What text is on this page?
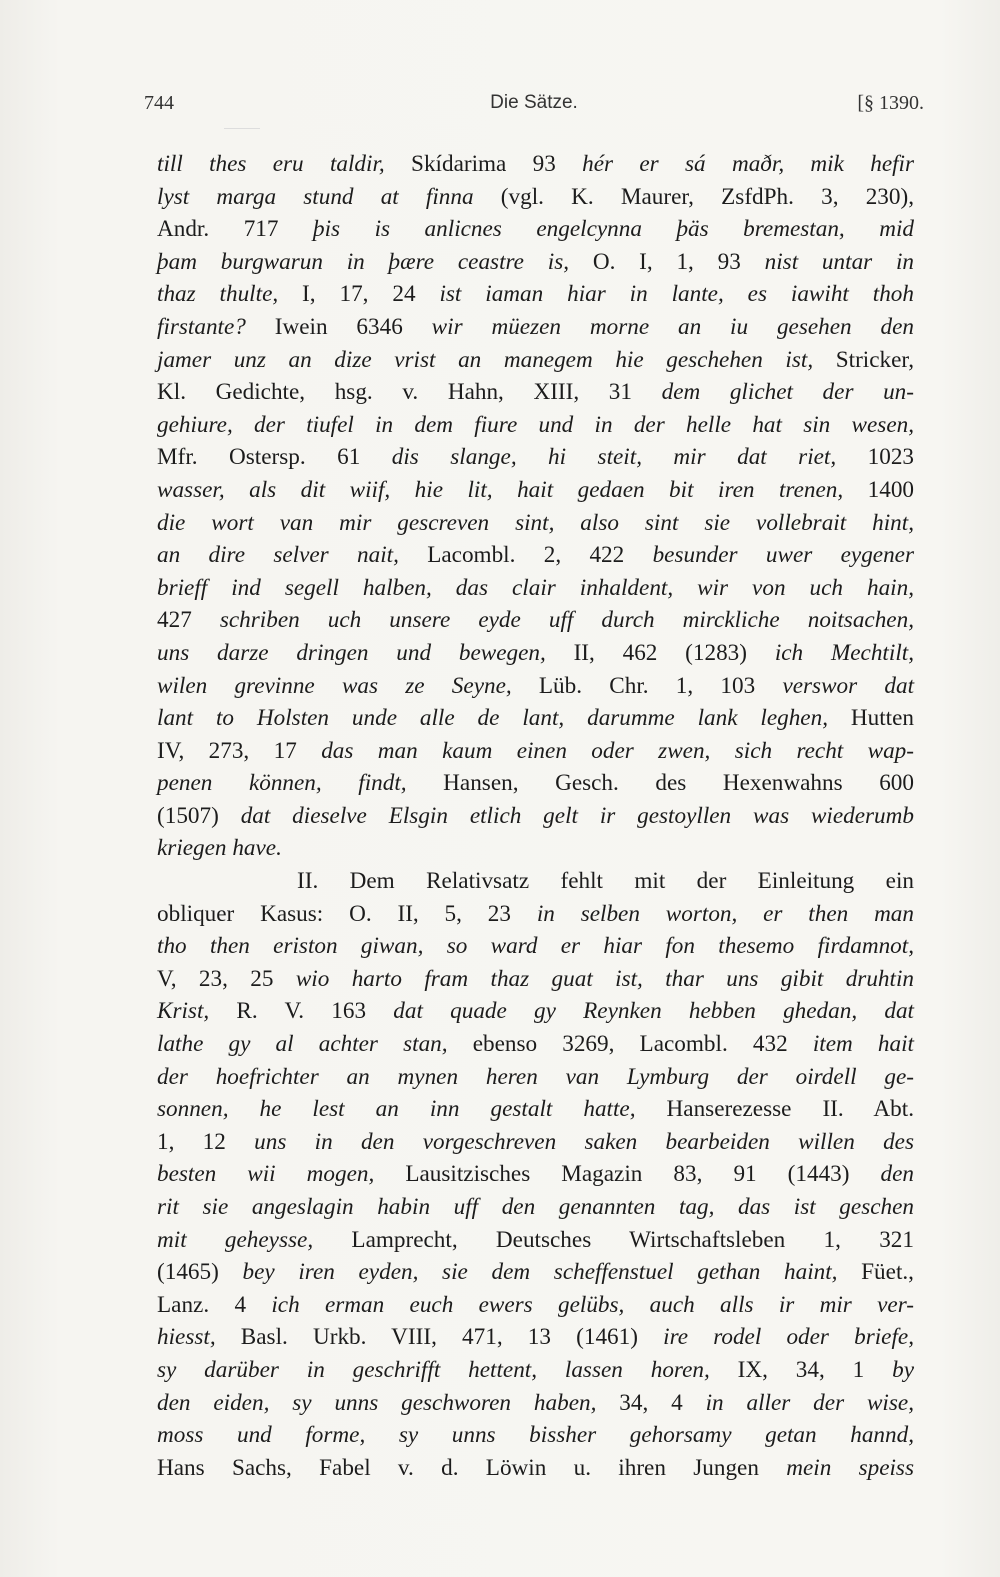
744	Die Sätze.	[§ 1390.
till thes eru taldir, Skídarima 93 hér er sá maðr, mik hefir
lyst marga stund at finna (vgl. K. Maurer, ZsfdPh. 3, 230),
Andr. 717 þis is anlicnes engelcynna þäs bremestan, mid
þam burgwarun in þære ceastre is, O. I, 1, 93 nist untar in
thaz thulte, I, 17, 24 ist iaman hiar in lante, es iawiht thoh
firstante? Iwein 6346 wir müezen morne an iu gesehen den
jamer unz an dize vrist an manegem hie geschehen ist, Stricker,
Kl. Gedichte, hsg. v. Hahn, XIII, 31 dem glichet der un-
gehiure, der tiufel in dem fiure und in der helle hat sin wesen,
Mfr. Ostersp. 61 dis slange, hi steit, mir dat riet, 1023
wasser, als dit wiif, hie lit, hait gedaen bit iren trenen, 1400
die wort van mir gescreven sint, also sint sie vollebrait hint,
an dire selver nait, Lacombl. 2, 422 besunder uwer eygener
brieff ind segell halben, das clair inhaldent, wir von uch hain,
427 schriben uch unsere eyde uff durch mirckliche noitsachen,
uns darze dringen und bewegen, II, 462 (1283) ich Mechtilt,
wilen grevinne was ze Seyne, Lüb. Chr. 1, 103 verswor dat
lant to Holsten unde alle de lant, darumme lank leghen, Hutten
IV, 273, 17 das man kaum einen oder zwen, sich recht wap-
penen können, findt, Hansen, Gesch. des Hexenwahns 600
(1507) dat dieselve Elsgin etlich gelt ir gestoyllen was wiederumb
kriegen have.
II. Dem Relativsatz fehlt mit der Einleitung ein
obliquer Kasus: O. II, 5, 23 in selben worton, er then man
tho then eriston giwan, so ward er hiar fon thesemo firdamnot,
V, 23, 25 wio harto fram thaz guat ist, thar uns gibit druhtin
Krist, R. V. 163 dat quade gy Reynken hebben ghedan, dat
lathe gy al achter stan, ebenso 3269, Lacombl. 432 item hait
der hoefrichter an mynen heren van Lymburg der oirdell ge-
sonnen, he lest an inn gestalt hatte, Hanserezesse II. Abt.
1, 12 uns in den vorgeschreven saken bearbeiden willen des
besten wii mogen, Lausitzisches Magazin 83, 91 (1443) den
rit sie angeslagin habin uff den genannten tag, das ist geschen
mit geheysse, Lamprecht, Deutsches Wirtschaftsleben 1, 321
(1465) bey iren eyden, sie dem scheffenstuel gethan haint, Füet.,
Lanz. 4 ich erman euch ewers gelübs, auch alls ir mir ver-
hiesst, Basl. Urkb. VIII, 471, 13 (1461) ire rodel oder briefe,
sy darüber in geschrifft hettent, lassen horen, IX, 34, 1 by
den eiden, sy unns geschworen haben, 34, 4 in aller der wise,
moss und forme, sy unns bissher gehorsamy getan hannd,
Hans Sachs, Fabel v. d. Löwin u. ihren Jungen mein speiss
